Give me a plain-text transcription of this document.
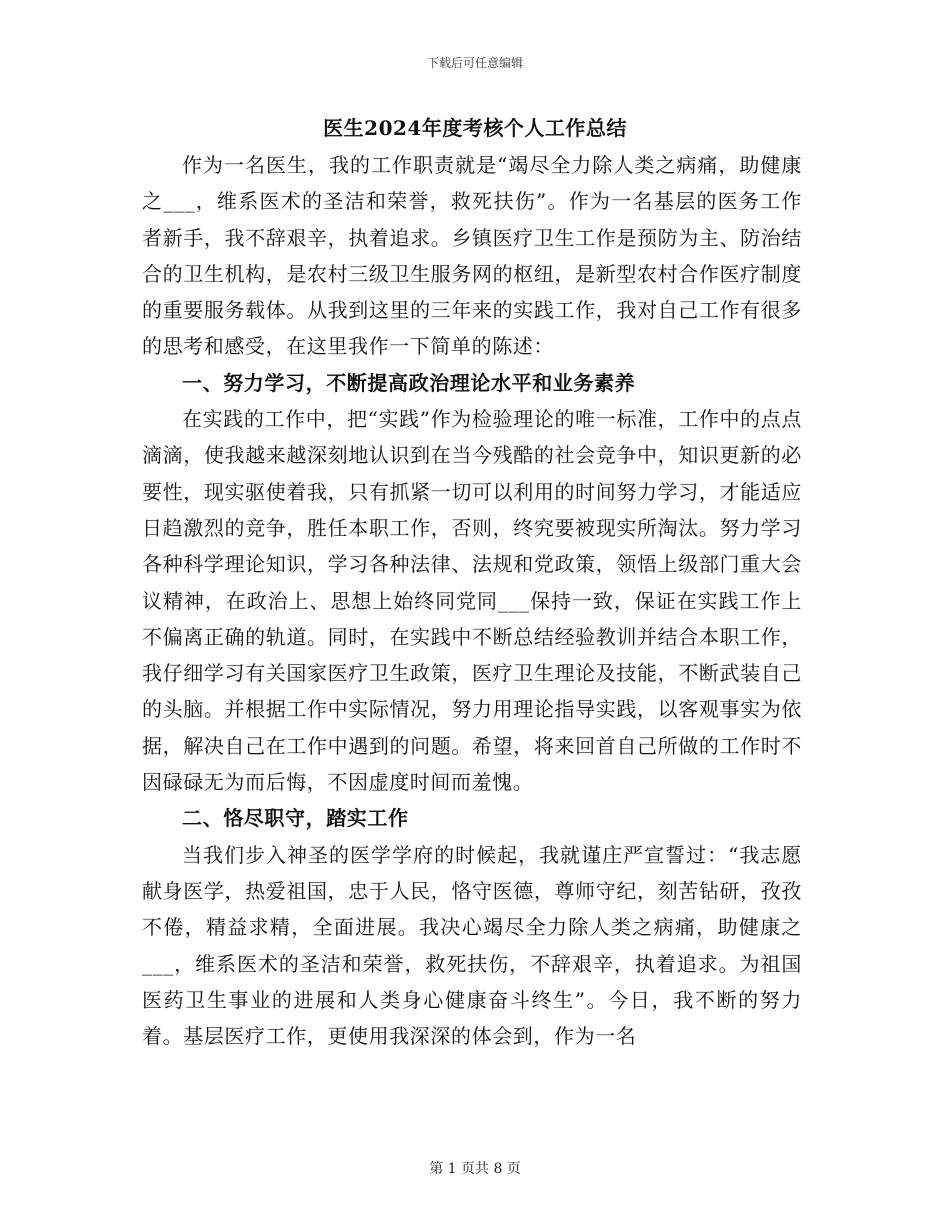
下载后可任意编辑
医生2024年度考核个人工作总结

作为一名医生，我的工作职责就是“竭尽全力除人类之病痛，助健康之___，维系医术的圣洁和荣誉，救死扶伤”。作为一名基层的医务工作者新手，我不辞艰辛，执着追求。乡镇医疗卫生工作是预防为主、防治结合的卫生机构，是农村三级卫生服务网的枢纽，是新型农村合作医疗制度的重要服务载体。从我到这里的三年来的实践工作，我对自己工作有很多的思考和感受，在这里我作一下简单的陈述：

一、努力学习，不断提高政治理论水平和业务素养

在实践的工作中，把“实践”作为检验理论的唯一标准，工作中的点点滴滴，使我越来越深刻地认识到在当今残酷的社会竞争中，知识更新的必要性，现实驱使着我，只有抓紧一切可以利用的时间努力学习，才能适应日趋激烈的竞争，胜任本职工作，否则，终究要被现实所淘汰。努力学习各种科学理论知识，学习各种法律、法规和党政策，领悟上级部门重大会议精神，在政治上、思想上始终同党同___保持一致，保证在实践工作上不偏离正确的轨道。同时，在实践中不断总结经验教训并结合本职工作，我仔细学习有关国家医疗卫生政策，医疗卫生理论及技能，不断武装自己的头脑。并根据工作中实际情况，努力用理论指导实践，以客观事实为依据，解决自己在工作中遇到的问题。希望，将来回首自己所做的工作时不因碌碌无为而后悔，不因虚度时间而羞愧。

二、恪尽职守，踏实工作

当我们步入神圣的医学学府的时候起，我就谨庄严宣誓过：“我志愿献身医学，热爱祖国，忠于人民，恪守医德，尊师守纪，刻苦钻研，孜孜不倦，精益求精，全面进展。我决心竭尽全力除人类之病痛，助健康之___，维系医术的圣洁和荣誉，救死扶伤，不辞艰辛，执着追求。为祖国医药卫生事业的进展和人类身心健康奋斗终生”。今日，我不断的努力着。基层医疗工作，更使用我深深的体会到，作为一名

第 1 页共 8 页
